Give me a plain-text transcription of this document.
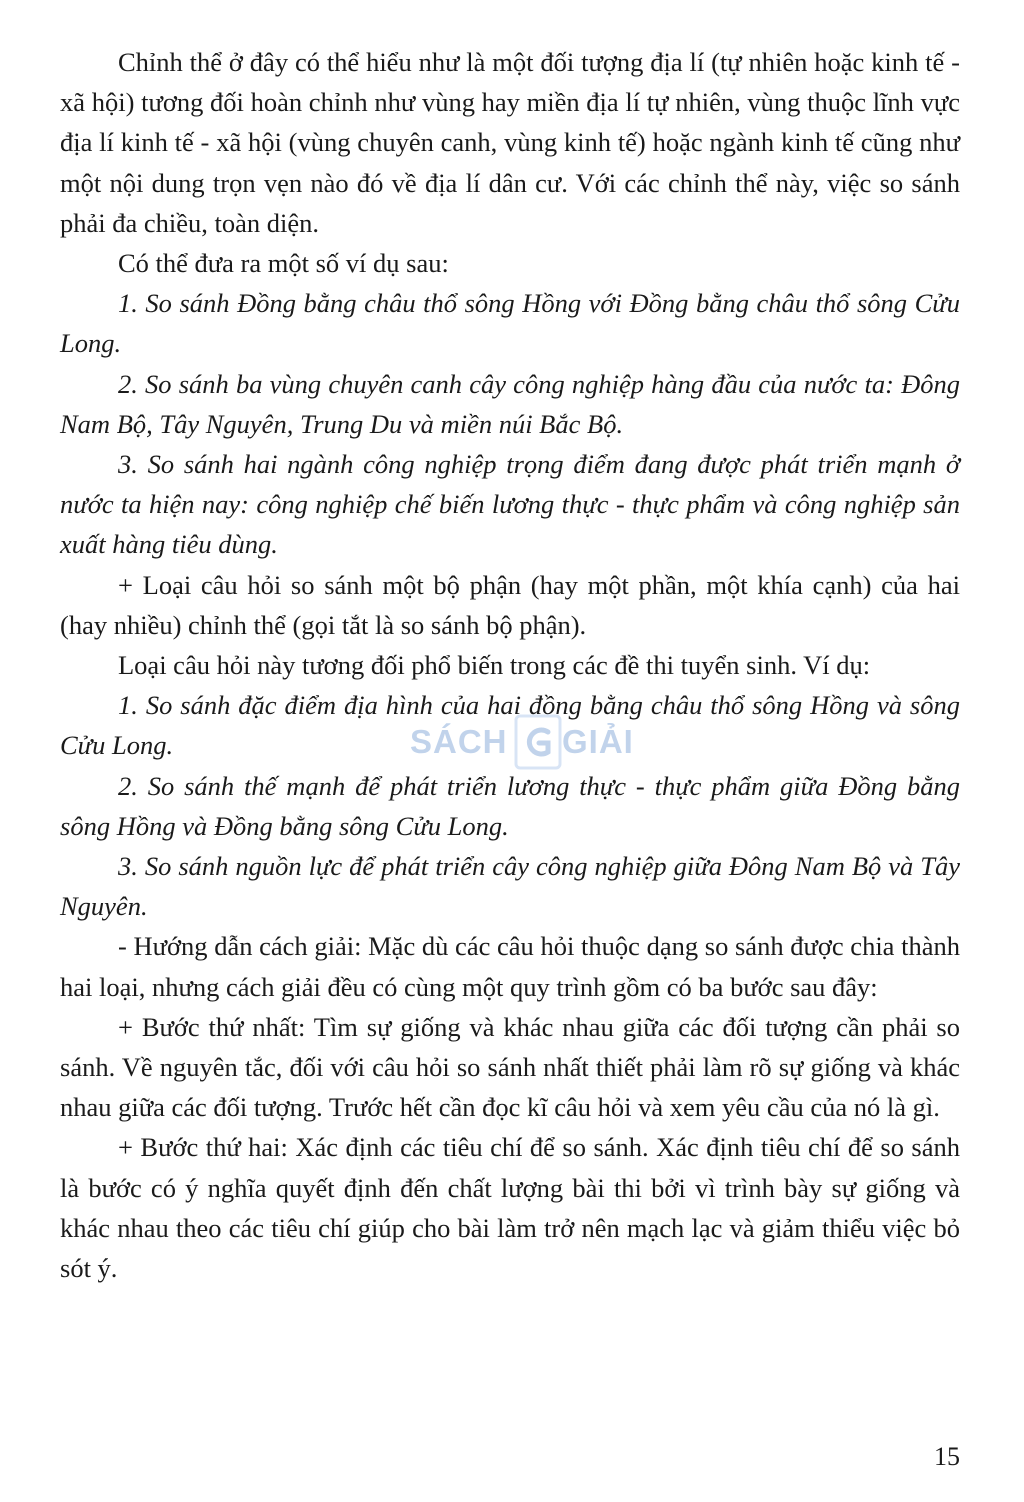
Chỉnh thể ở đây có thể hiểu như là một đối tượng địa lí (tự nhiên hoặc kinh tế - xã hội) tương đối hoàn chỉnh như vùng hay miền địa lí tự nhiên, vùng thuộc lĩnh vực địa lí kinh tế - xã hội (vùng chuyên canh, vùng kinh tế) hoặc ngành kinh tế cũng như một nội dung trọn vẹn nào đó về địa lí dân cư. Với các chỉnh thể này, việc so sánh phải đa chiều, toàn diện.

Có thể đưa ra một số ví dụ sau:

1. So sánh Đồng bằng châu thổ sông Hồng với Đồng bằng châu thổ sông Cửu Long.

2. So sánh ba vùng chuyên canh cây công nghiệp hàng đầu của nước ta: Đông Nam Bộ, Tây Nguyên, Trung Du và miền núi Bắc Bộ.

3. So sánh hai ngành công nghiệp trọng điểm đang được phát triển mạnh ở nước ta hiện nay: công nghiệp chế biến lương thực - thực phẩm và công nghiệp sản xuất hàng tiêu dùng.

+ Loại câu hỏi so sánh một bộ phận (hay một phần, một khía cạnh) của hai (hay nhiều) chỉnh thể (gọi tắt là so sánh bộ phận).

Loại câu hỏi này tương đối phổ biến trong các đề thi tuyển sinh. Ví dụ:

1. So sánh đặc điểm địa hình của hai đồng bằng châu thổ sông Hồng và sông Cửu Long.

2. So sánh thế mạnh để phát triển lương thực - thực phẩm giữa Đồng bằng sông Hồng và Đồng bằng sông Cửu Long.

3. So sánh nguồn lực để phát triển cây công nghiệp giữa Đông Nam Bộ và Tây Nguyên.

- Hướng dẫn cách giải: Mặc dù các câu hỏi thuộc dạng so sánh được chia thành hai loại, nhưng cách giải đều có cùng một quy trình gồm có ba bước sau đây:

+ Bước thứ nhất: Tìm sự giống và khác nhau giữa các đối tượng cần phải so sánh. Về nguyên tắc, đối với câu hỏi so sánh nhất thiết phải làm rõ sự giống và khác nhau giữa các đối tượng. Trước hết cần đọc kĩ câu hỏi và xem yêu cầu của nó là gì.

+ Bước thứ hai: Xác định các tiêu chí để so sánh. Xác định tiêu chí để so sánh là bước có ý nghĩa quyết định đến chất lượng bài thi bởi vì trình bày sự giống và khác nhau theo các tiêu chí giúp cho bài làm trở nên mạch lạc và giảm thiểu việc bỏ sót ý.

SÁCH GIẢI
15
